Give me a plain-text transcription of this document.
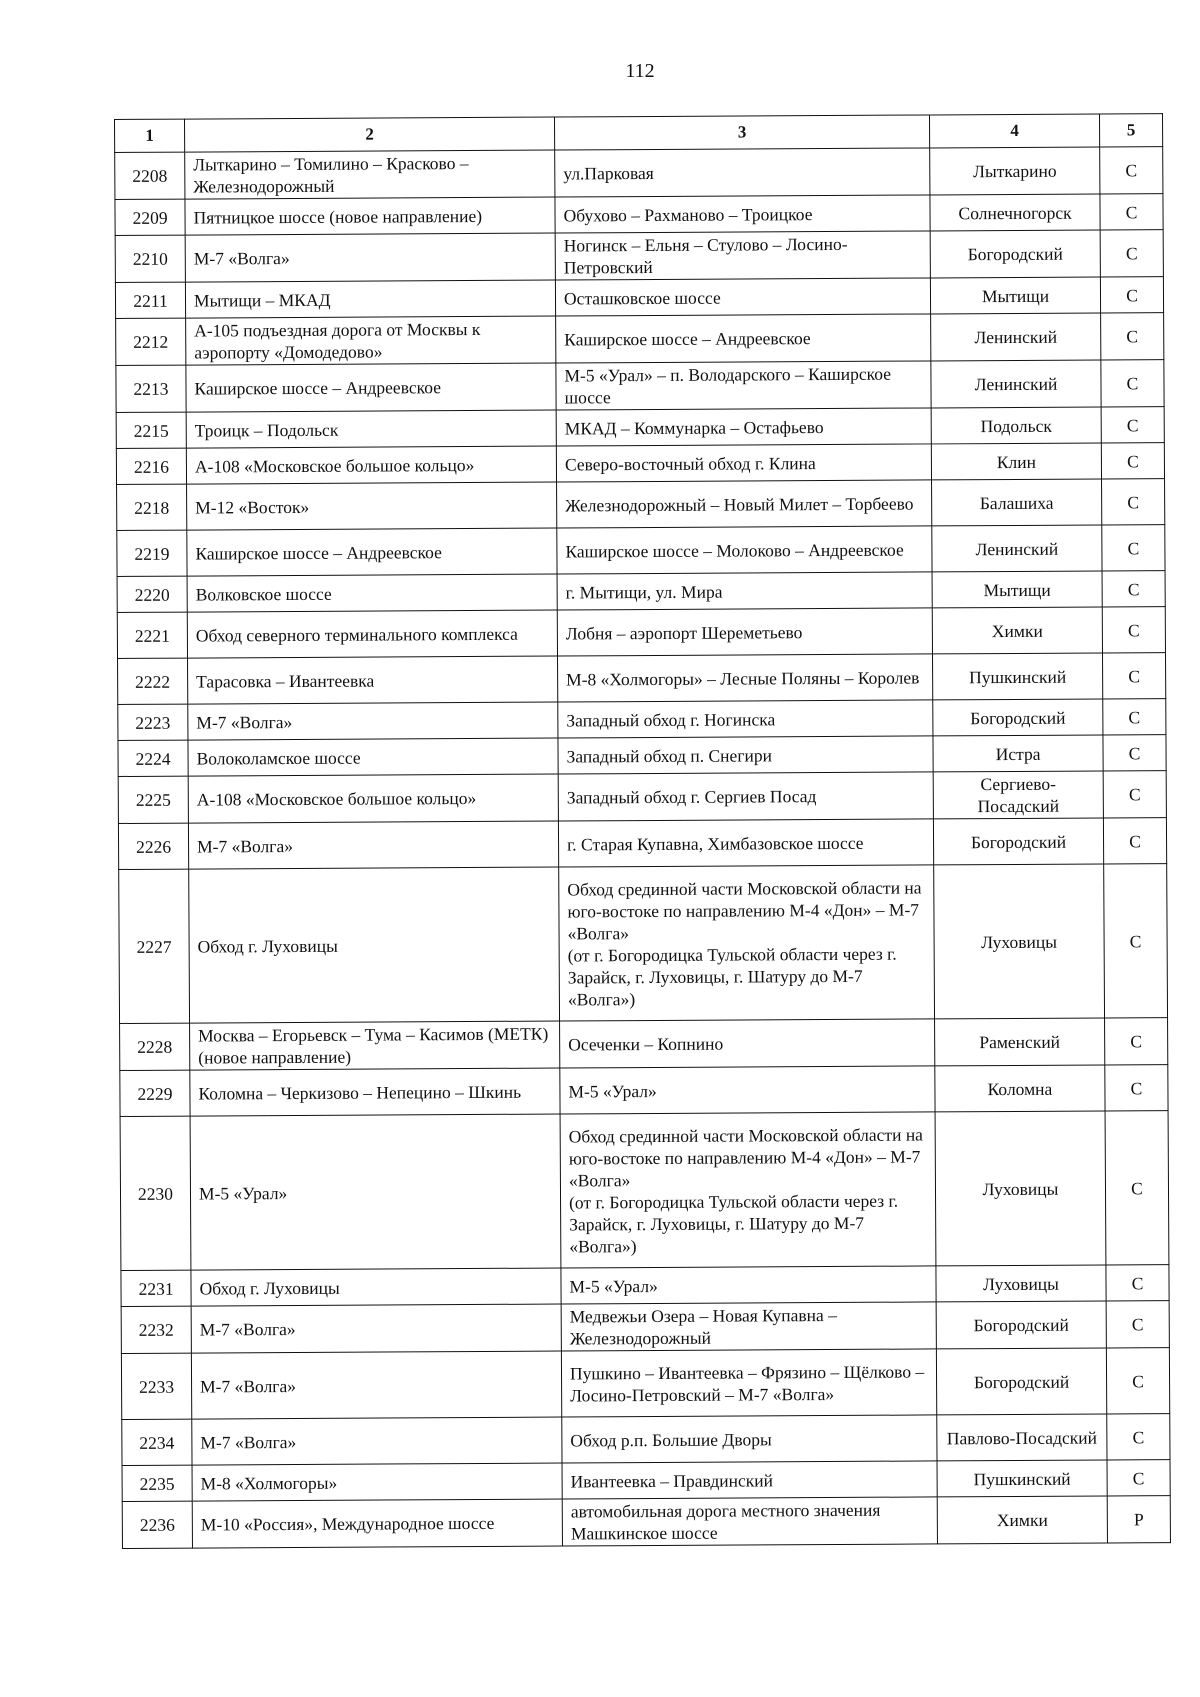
112
1	2	3	4	5
2208	Лыткарино – Томилино – Красково – Железнодорожный	ул.Парковая	Лыткарино	С
2209	Пятницкое шоссе (новое направление)	Обухово – Рахманово – Троицкое	Солнечногорск	С
2210	М-7 «Волга»	Ногинск – Ельня – Стулово – Лосино-Петровский	Богородский	С
2211	Мытищи – МКАД	Осташковское шоссе	Мытищи	С
2212	А-105 подъездная дорога от Москвы к аэропорту «Домодедово»	Каширское шоссе – Андреевское	Ленинский	С
2213	Каширское шоссе – Андреевское	М-5 «Урал» – п. Володарского – Каширское шоссе	Ленинский	С
2215	Троицк – Подольск	МКАД – Коммунарка – Остафьево	Подольск	С
2216	А-108 «Московское большое кольцо»	Северо-восточный обход г. Клина	Клин	С
2218	М-12 «Восток»	Железнодорожный – Новый Милет – Торбеево	Балашиха	С
2219	Каширское шоссе – Андреевское	Каширское шоссе – Молоково – Андреевское	Ленинский	С
2220	Волковское шоссе	г. Мытищи, ул. Мира	Мытищи	С
2221	Обход северного терминального комплекса	Лобня – аэропорт Шереметьево	Химки	С
2222	Тарасовка – Ивантеевка	М-8 «Холмогоры» – Лесные Поляны – Королев	Пушкинский	С
2223	М-7 «Волга»	Западный обход г. Ногинска	Богородский	С
2224	Волоколамское шоссе	Западный обход п. Снегири	Истра	С
2225	А-108 «Московское большое кольцо»	Западный обход г. Сергиев Посад	Сергиево-Посадский	С
2226	М-7 «Волга»	г. Старая Купавна, Химбазовское шоссе	Богородский	С
2227	Обход г. Луховицы	Обход срединной части Московской области на юго-востоке по направлению М-4 «Дон» – М-7 «Волга»
(от г. Богородицка Тульской области через г. Зарайск, г. Луховицы, г. Шатуру до М-7 «Волга»)	Луховицы	С
2228	Москва – Егорьевск – Тума – Касимов (МЕТК) (новое направление)	Осеченки – Копнино	Раменский	С
2229	Коломна – Черкизово – Непецино – Шкинь	М-5 «Урал»	Коломна	С
2230	М-5 «Урал»	Обход срединной части Московской области на юго-востоке по направлению М-4 «Дон» – М-7 «Волга»
(от г. Богородицка Тульской области через г. Зарайск, г. Луховицы, г. Шатуру до М-7 «Волга»)	Луховицы	С
2231	Обход г. Луховицы	М-5 «Урал»	Луховицы	С
2232	М-7 «Волга»	Медвежьи Озера – Новая Купавна – Железнодорожный	Богородский	С
2233	М-7 «Волга»	Пушкино – Ивантеевка – Фрязино – Щёлково – Лосино-Петровский – М-7 «Волга»	Богородский	С
2234	М-7 «Волга»	Обход р.п. Большие Дворы	Павлово-Посадский	С
2235	М-8 «Холмогоры»	Ивантеевка – Правдинский	Пушкинский	С
2236	М-10 «Россия», Международное шоссе	автомобильная дорога местного значения Машкинское шоссе	Химки	Р
